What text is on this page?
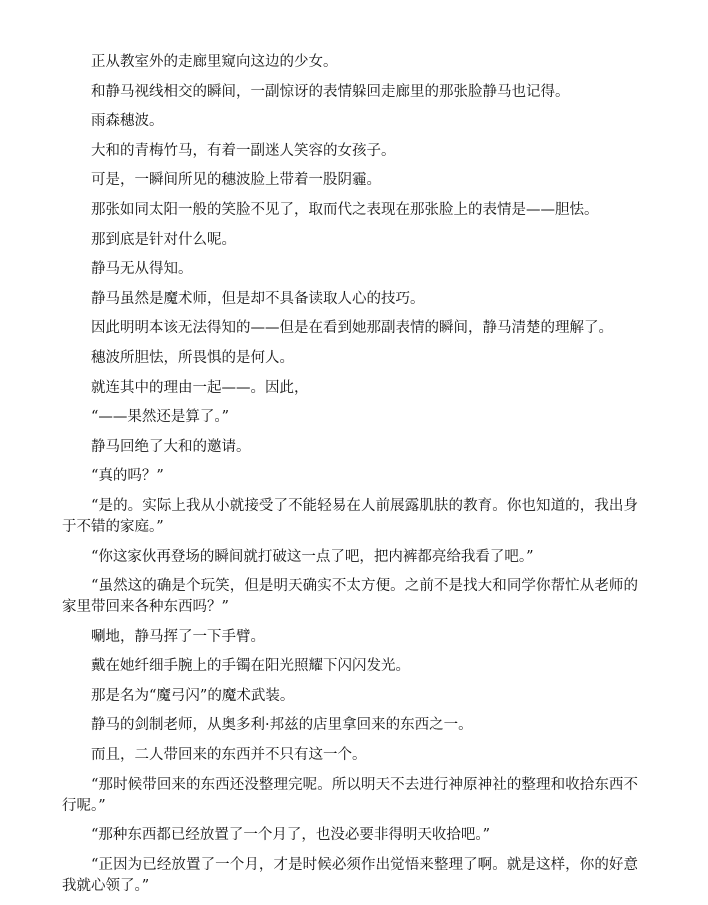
正从教室外的走廊里窥向这边的少女。

和静马视线相交的瞬间，一副惊讶的表情躲回走廊里的那张脸静马也记得。

雨森穗波。

大和的青梅竹马，有着一副迷人笑容的女孩子。

可是，一瞬间所见的穗波脸上带着一股阴霾。

那张如同太阳一般的笑脸不见了，取而代之表现在那张脸上的表情是——胆怯。

那到底是针对什么呢。

静马无从得知。

静马虽然是魔术师，但是却不具备读取人心的技巧。

因此明明本该无法得知的——但是在看到她那副表情的瞬间，静马清楚的理解了。

穗波所胆怯，所畏惧的是何人。

就连其中的理由一起——。因此，

“——果然还是算了。”

静马回绝了大和的邀请。

“真的吗？”

“是的。实际上我从小就接受了不能轻易在人前展露肌肤的教育。你也知道的，我出身于不错的家庭。”

“你这家伙再登场的瞬间就打破这一点了吧，把内裤都亮给我看了吧。”

“虽然这的确是个玩笑，但是明天确实不太方便。之前不是找大和同学你帮忙从老师的家里带回来各种东西吗？”

唰地，静马挥了一下手臂。

戴在她纤细手腕上的手镯在阳光照耀下闪闪发光。

那是名为“魔弓闪”的魔术武装。

静马的剑制老师，从奥多利·邦兹的店里拿回来的东西之一。

而且，二人带回来的东西并不只有这一个。

“那时候带回来的东西还没整理完呢。所以明天不去进行神原神社的整理和收拾东西不行呢。”

“那种东西都已经放置了一个月了，也没必要非得明天收拾吧。”

“正因为已经放置了一个月，才是时候必须作出觉悟来整理了啊。就是这样，你的好意我就心领了。”
